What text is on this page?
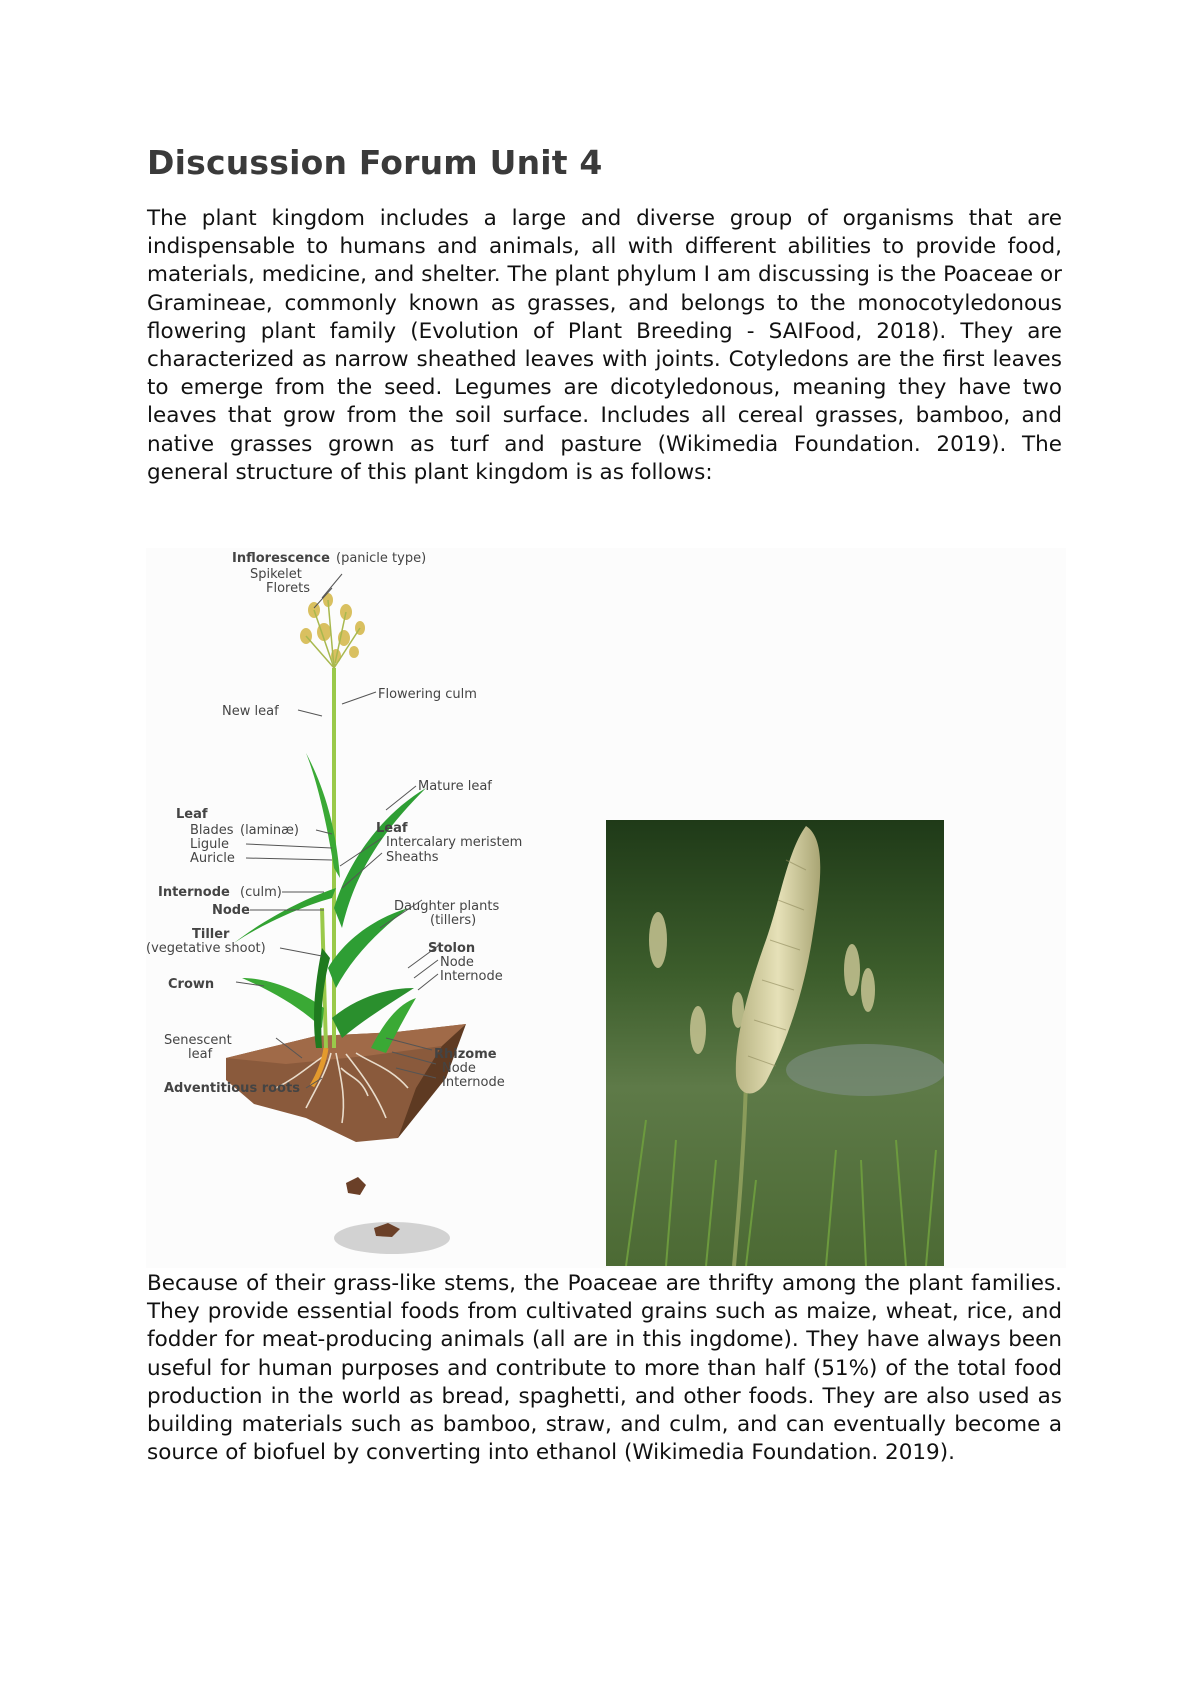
Discussion Forum Unit 4

The plant kingdom includes a large and diverse group of organisms that are indispensable to humans and animals, all with different abilities to provide food, materials, medicine, and shelter. The plant phylum I am discussing is the Poaceae or Gramineae, commonly known as grasses, and belongs to the monocotyledonous flowering plant family (Evolution of Plant Breeding - SAIFood, 2018). They are characterized as narrow sheathed leaves with joints. Cotyledons are the first leaves to emerge from the seed. Legumes are dicotyledonous, meaning they have two leaves that grow from the soil surface. Includes all cereal grasses, bamboo, and native grasses grown as turf and pasture (Wikimedia Foundation. 2019). The general structure of this plant kingdom is as follows:

Inflorescence (panicle type)
Spikelet
Florets
Flowering culm
New leaf
Mature leaf
Leaf
Blades (laminæ)
Ligule
Auricle
Leaf
Intercalary meristem
Sheaths
Internode (culm)
Node
Tiller
(vegetative shoot)
Daughter plants
(tillers)
Stolon
Node
Internode
Crown
Senescent
leaf
Adventitious roots
Rhizome
Node
Internode

Because of their grass-like stems, the Poaceae are thrifty among the plant families. They provide essential foods from cultivated grains such as maize, wheat, rice, and fodder for meat-producing animals (all are in this ingdome). They have always been useful for human purposes and contribute to more than half (51%) of the total food production in the world as bread, spaghetti, and other foods. They are also used as building materials such as bamboo, straw, and culm, and can eventually become a source of biofuel by converting into ethanol (Wikimedia Foundation. 2019).
